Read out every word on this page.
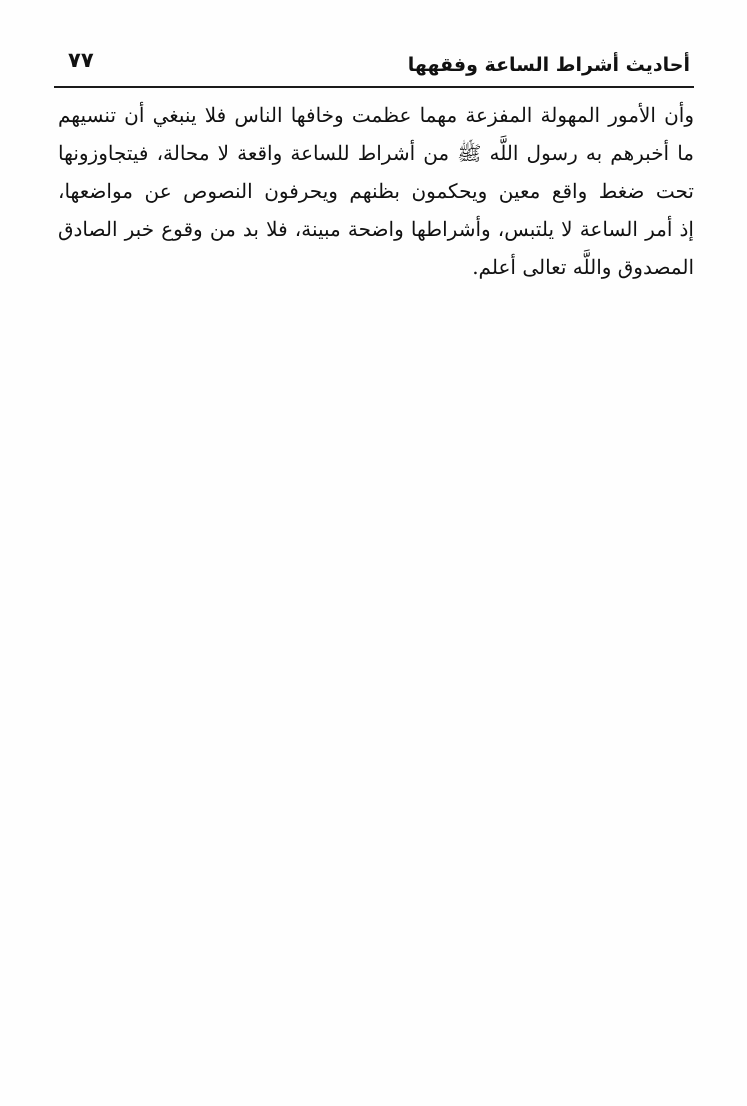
٧٧	أحاديث أشراط الساعة وفقهها
وأن الأمور المهولة المفزعة مهما عظمت وخافها الناس فلا ينبغي أن تنسيهم
ما أخبرهم به رسول اللَّه ﷺ من أشراط للساعة واقعة لا محالة، فيتجاوزونها
تحت ضغط واقع معين ويحكمون بظنهم ويحرفون النصوص عن مواضعها،
إذ أمر الساعة لا يلتبس، وأشراطها واضحة مبينة، فلا بد من وقوع خبر الصادق
المصدوق واللَّه تعالى أعلم.
